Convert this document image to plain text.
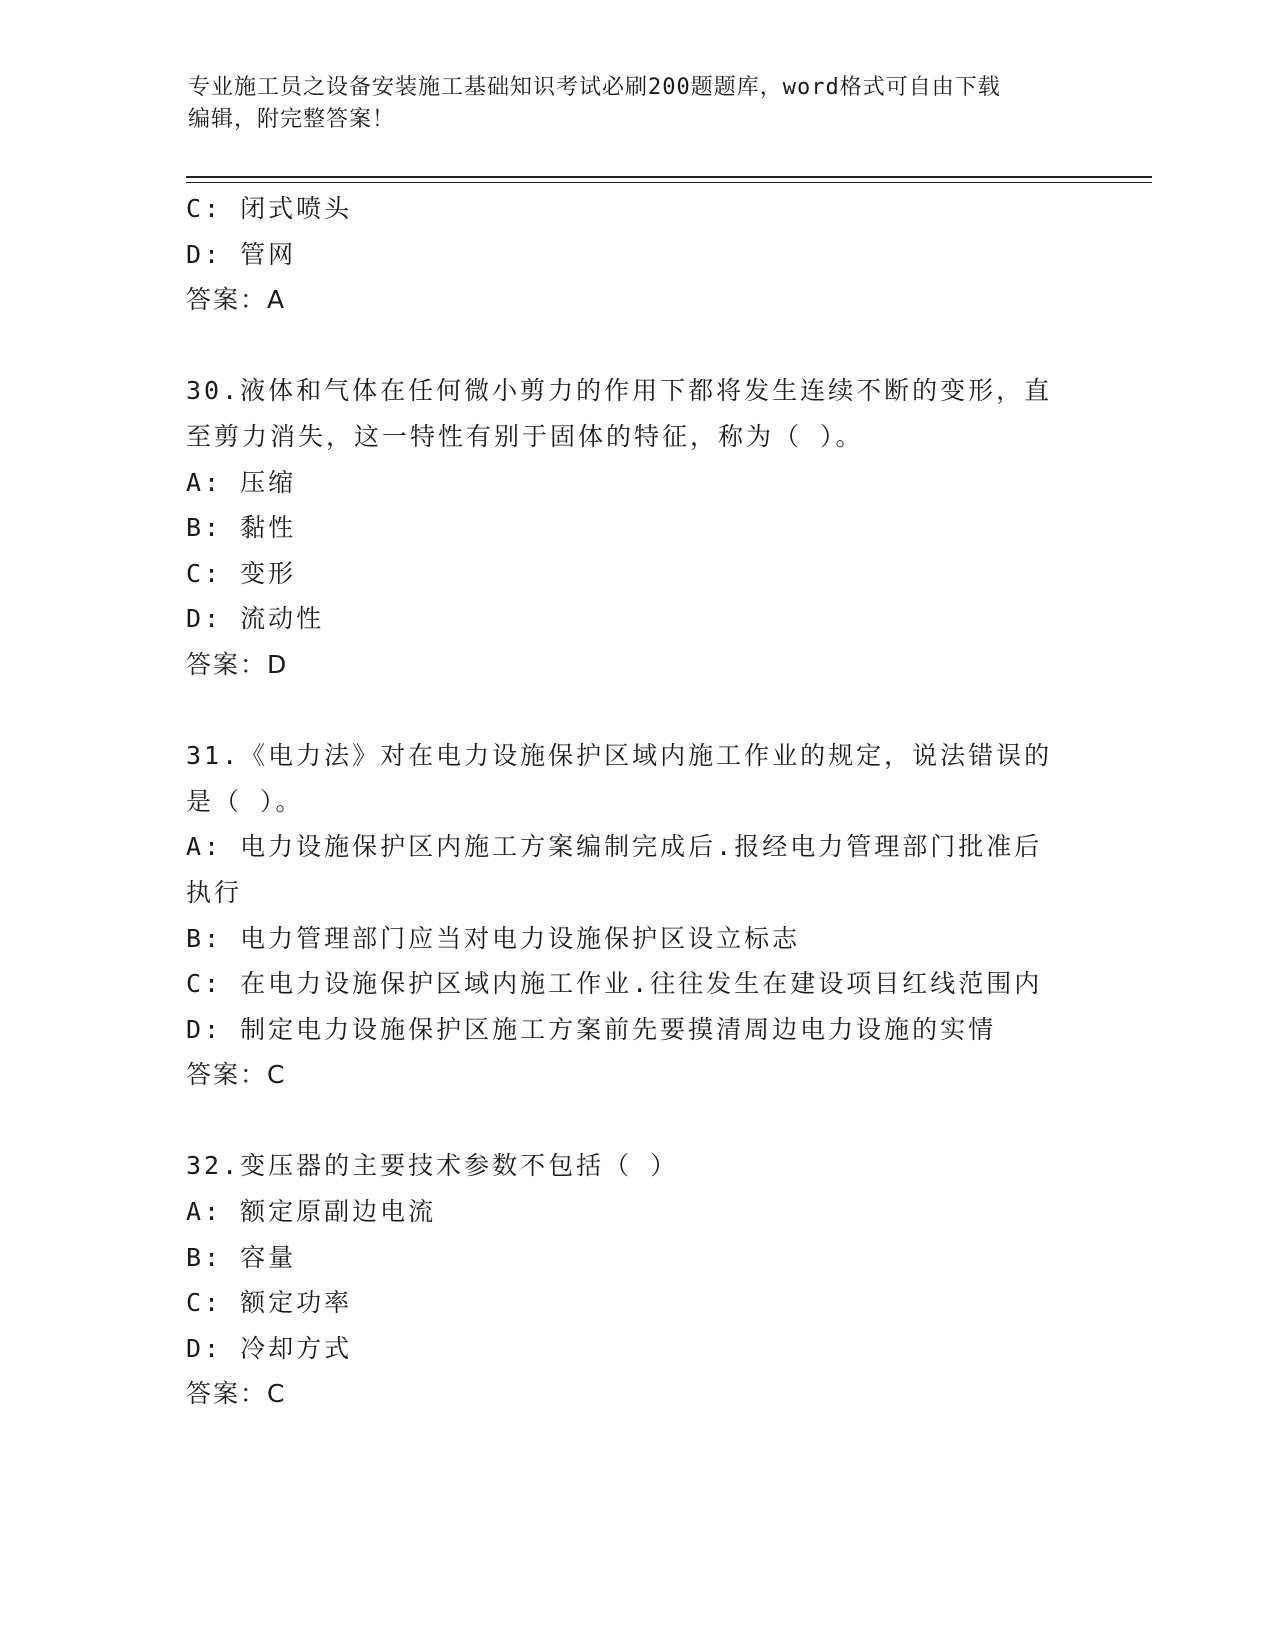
专业施工员之设备安装施工基础知识考试必刷200题题库，word格式可自由下载
编辑，附完整答案！
C: 闭式喷头
D: 管网
答案：A
30.液体和气体在任何微小剪力的作用下都将发生连续不断的变形，直
至剪力消失，这一特性有别于固体的特征，称为（ ）。
A: 压缩
B: 黏性
C: 变形
D: 流动性
答案：D
31.《电力法》对在电力设施保护区域内施工作业的规定，说法错误的
是（ ）。
A: 电力设施保护区内施工方案编制完成后.报经电力管理部门批准后
执行
B: 电力管理部门应当对电力设施保护区设立标志
C: 在电力设施保护区域内施工作业.往往发生在建设项目红线范围内
D: 制定电力设施保护区施工方案前先要摸清周边电力设施的实情
答案：C
32.变压器的主要技术参数不包括（ ）
A: 额定原副边电流
B: 容量
C: 额定功率
D: 冷却方式
答案：C
